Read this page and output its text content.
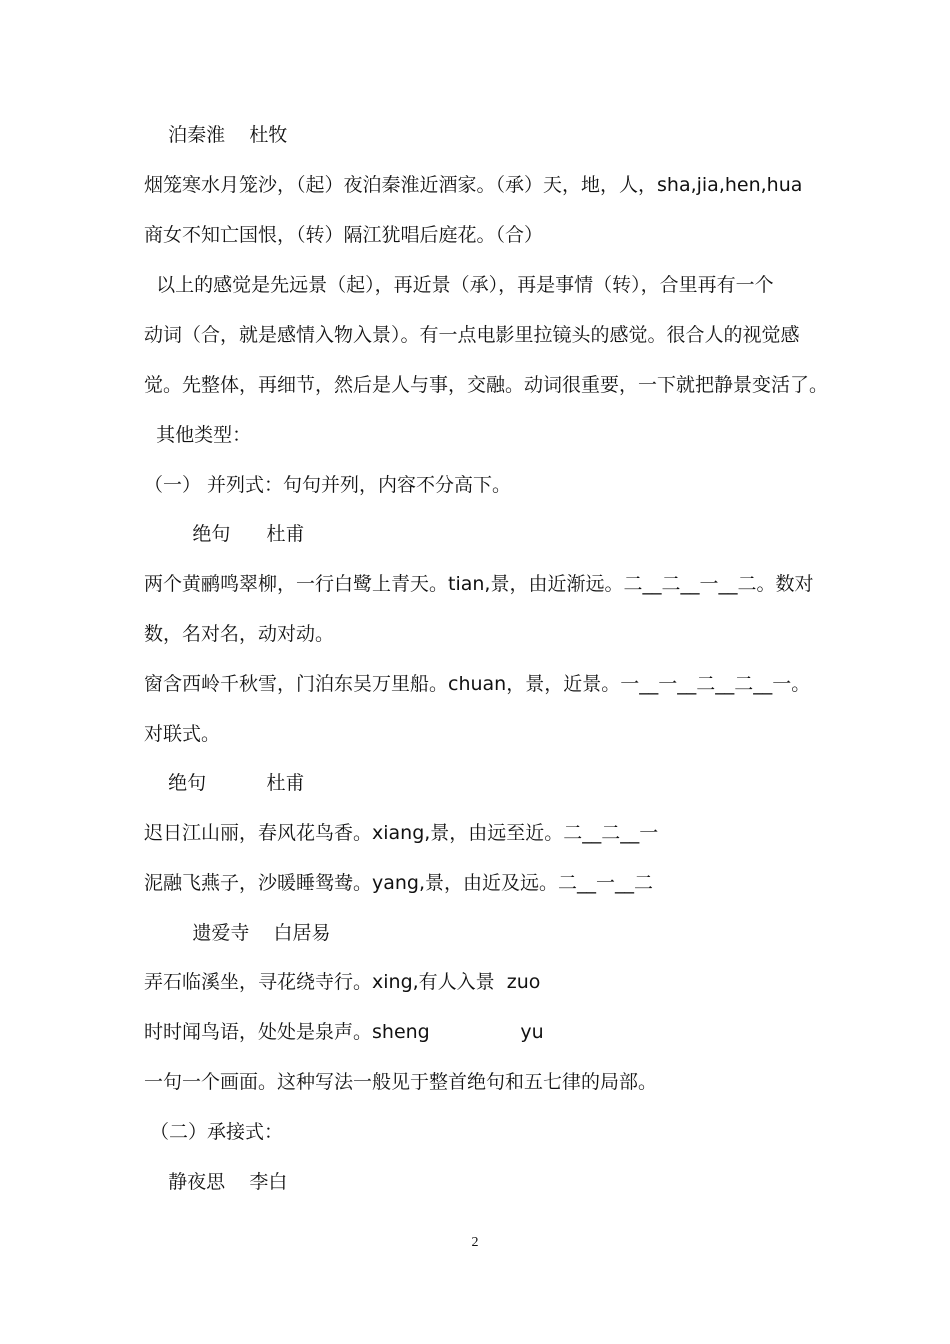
泊秦淮    杜牧
烟笼寒水月笼沙，（起）夜泊秦淮近酒家。（承）天，地，人，sha,jia,hen,hua
商女不知亡国恨，（转）隔江犹唱后庭花。（合）
以上的感觉是先远景（起），再近景（承），再是事情（转），合里再有一个
动词（合，就是感情入物入景）。有一点电影里拉镜头的感觉。很合人的视觉感
觉。先整体，再细节，然后是人与事，交融。动词很重要，一下就把静景变活了。
其他类型：
（一） 并列式：句句并列，内容不分高下。
绝句      杜甫
两个黄鹂鸣翠柳，一行白鹭上青天。tian,景，由近渐远。二__二__一__二。数对
数，名对名，动对动。
窗含西岭千秋雪，门泊东吴万里船。chuan，景，近景。一__一__二__二__一。
对联式。
绝句          杜甫
迟日江山丽，春风花鸟香。xiang,景，由远至近。二__二__一
泥融飞燕子，沙暖睡鸳鸯。yang,景，由近及远。二__一__二
遗爱寺    白居易
弄石临溪坐，寻花绕寺行。xing,有人入景  zuo
时时闻鸟语，处处是泉声。sheng               yu
一句一个画面。这种写法一般见于整首绝句和五七律的局部。
（二）承接式：
静夜思    李白
2
